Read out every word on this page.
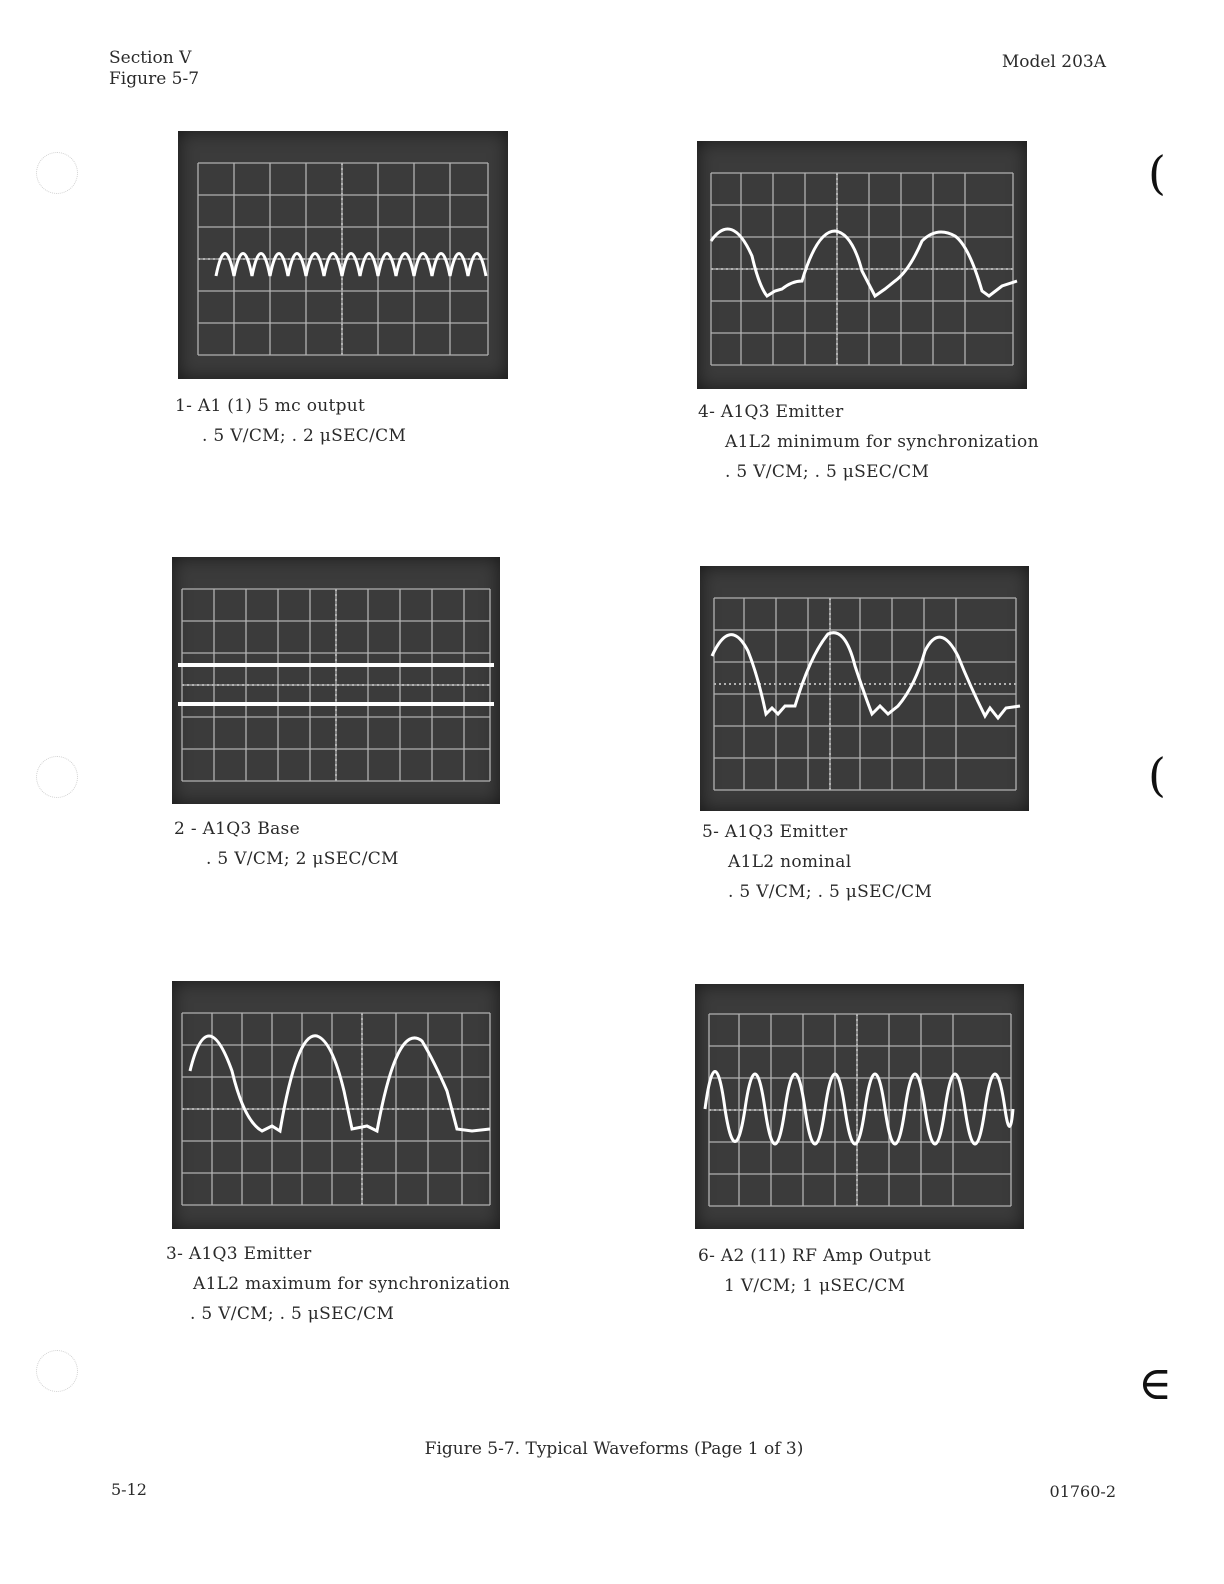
Section V
Figure 5-7
Model 203A
1- A1 (1) 5 mc output
. 5 V/CM; . 2 μSEC/CM
2 - A1Q3 Base
. 5 V/CM; 2 μSEC/CM
3- A1Q3 Emitter
A1L2 maximum for synchronization
. 5 V/CM; . 5 μSEC/CM
4- A1Q3 Emitter
A1L2 minimum for synchronization
. 5 V/CM; . 5 μSEC/CM
5- A1Q3 Emitter
A1L2 nominal
. 5 V/CM; . 5 μSEC/CM
6- A2 (11) RF Amp Output
1 V/CM; 1 μSEC/CM
Figure 5-7. Typical Waveforms (Page 1 of 3)
5-12	01760-2
(
(
∈
